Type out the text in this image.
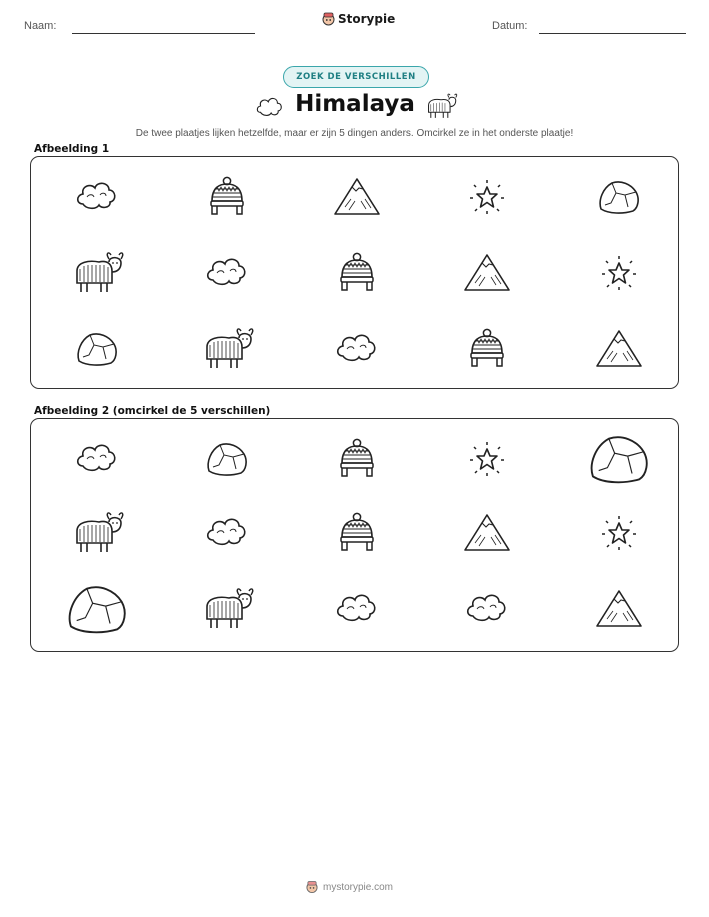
Naam:	Storypie	Datum:
ZOEK DE VERSCHILLEN
Himalaya
De twee plaatjes lijken hetzelfde, maar er zijn 5 dingen anders. Omcirkel ze in het onderste plaatje!
Afbeelding 1
Afbeelding 2 (omcirkel de 5 verschillen)
mystorypie.com
